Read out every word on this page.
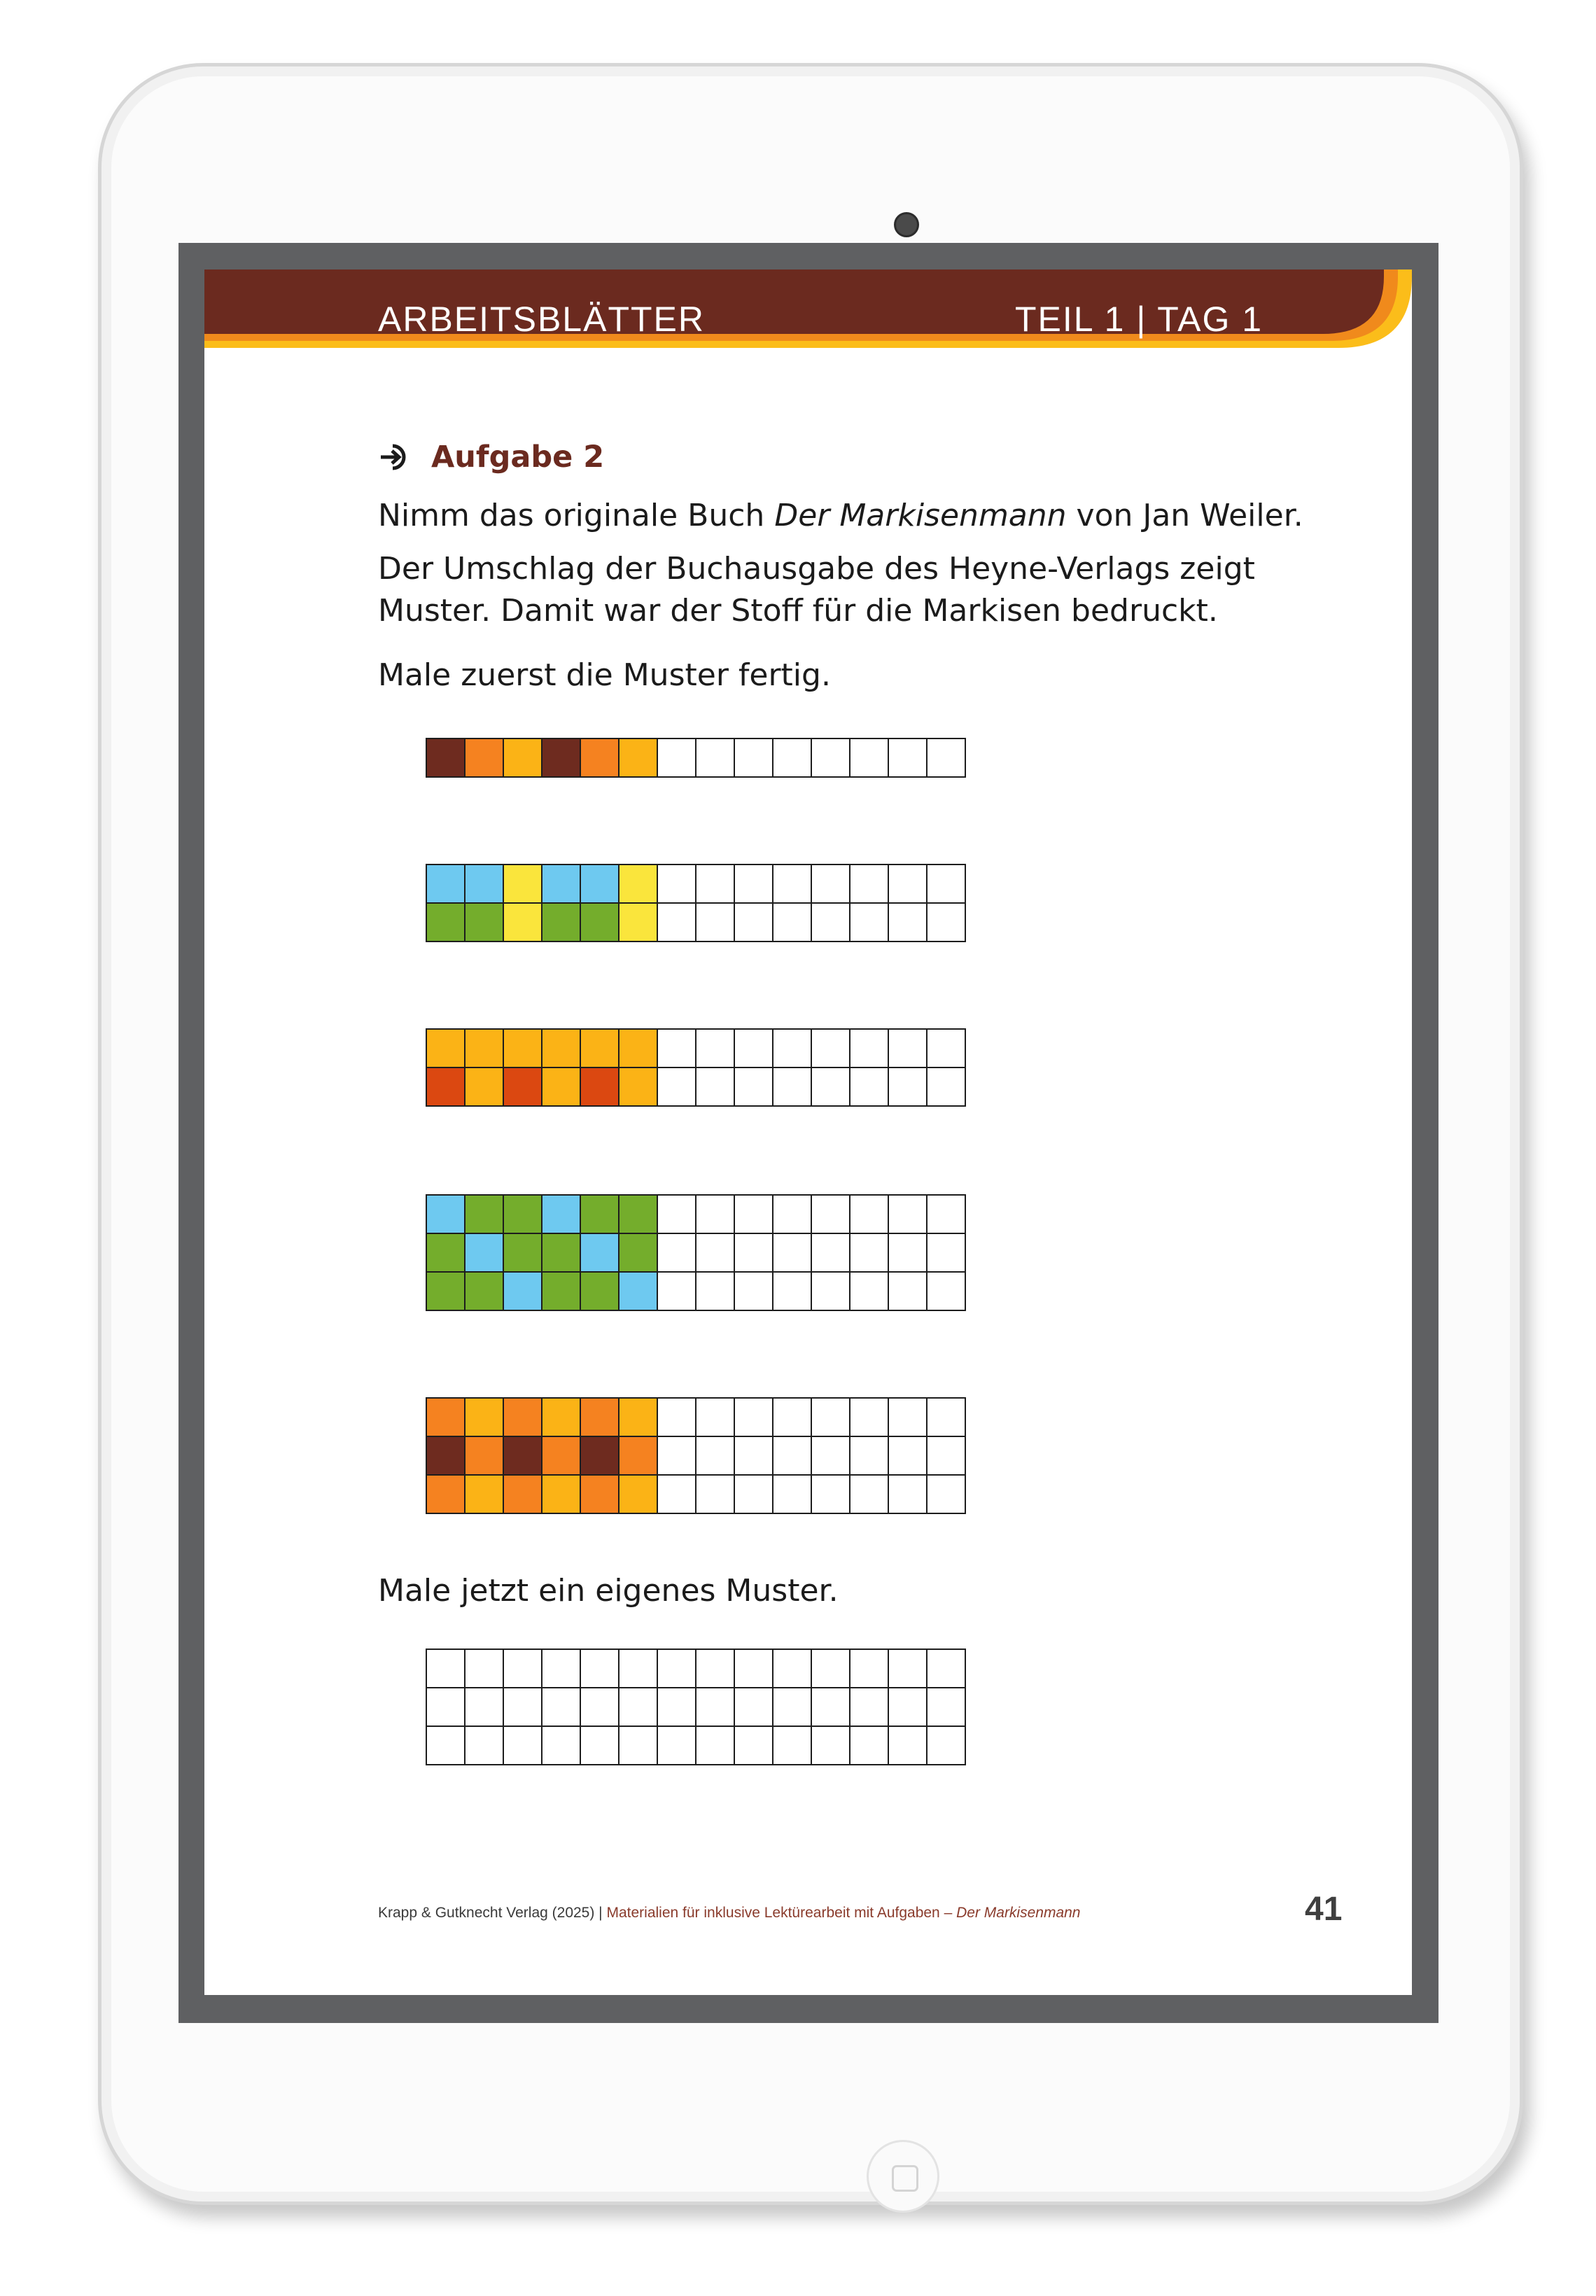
ARBEITSBLÄTTER	TEIL 1 | TAG 1
Aufgabe 2
Nimm das originale Buch Der Markisenmann von Jan Weiler.
Der Umschlag der Buchausgabe des Heyne-Verlags zeigt
Muster. Damit war der Stoff für die Markisen bedruckt.
Male zuerst die Muster fertig.
Male jetzt ein eigenes Muster.
Krapp & Gutknecht Verlag (2025) | Materialien für inklusive Lektürearbeit mit Aufgaben – Der Markisenmann	41
